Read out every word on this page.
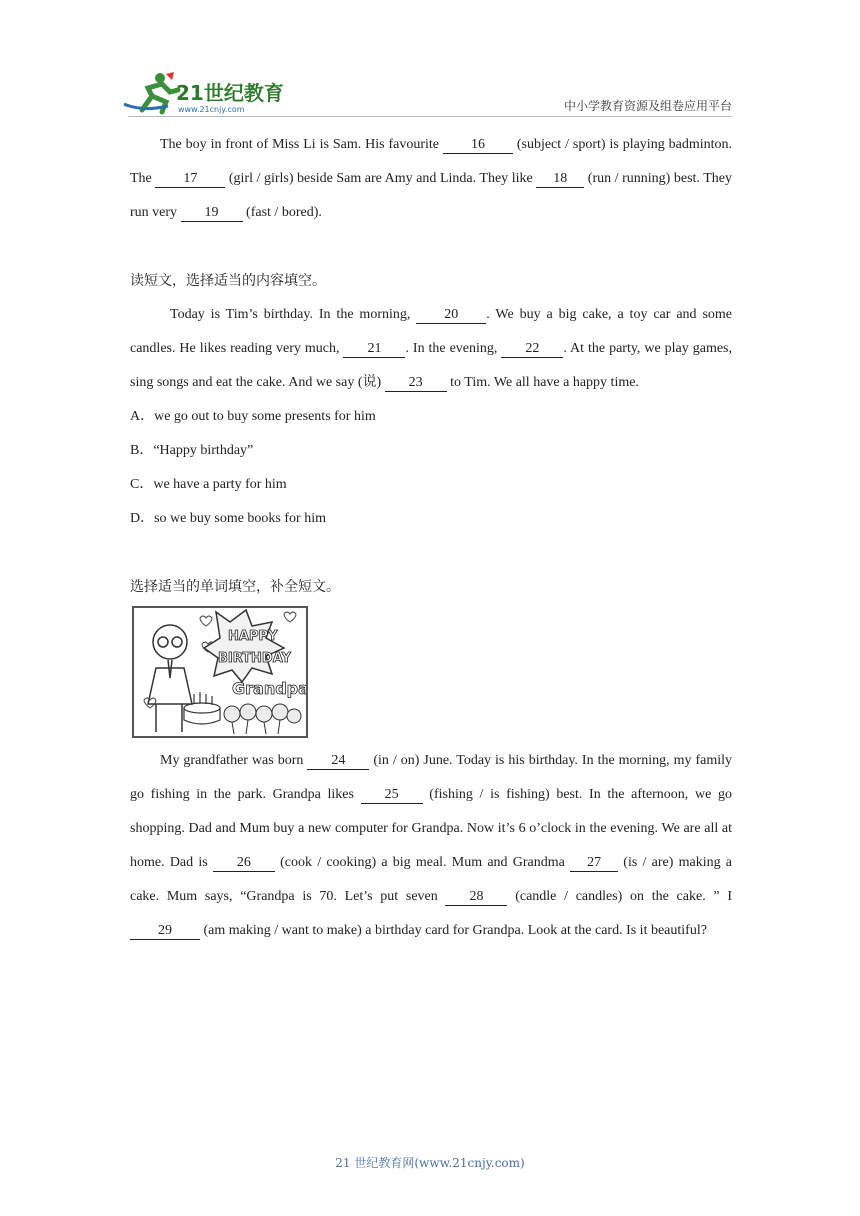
21世纪教育
www.21cnjy.com	中小学教育资源及组卷应用平台

The boy in front of Miss Li is Sam. His favourite 16 (subject / sport) is playing badminton. The 17 (girl / girls) beside Sam are Amy and Linda. They like 18 (run / running) best. They run very 19 (fast / bored).

读短文，选择适当的内容填空。

Today is Tim’s birthday. In the morning, 20 . We buy a big cake, a toy car and some candles. He likes reading very much, 21 . In the evening, 22 . At the party, we play games, sing songs and eat the cake. And we say (说) 23 to Tim. We all have a happy time.

A．we go out to buy some presents for him

B．“Happy birthday”

C．we have a party for him

D．so we buy some books for him

选择适当的单词填空，补全短文。

HAPPY
BIRTHDAY
Grandpa

My grandfather was born 24 (in / on) June. Today is his birthday. In the morning, my family go fishing in the park. Grandpa likes 25 (fishing / is fishing) best. In the afternoon, we go shopping. Dad and Mum buy a new computer for Grandpa. Now it’s 6 o’clock in the evening. We are all at home. Dad is 26 (cook / cooking) a big meal. Mum and Grandma 27 (is / are) making a cake. Mum says, “Grandpa is 70. Let’s put seven 28 (candle / candles) on the cake. ” I 29 (am making / want to make) a birthday card for Grandpa. Look at the card. Is it beautiful?

21 世纪教育网(www.21cnjy.com)
